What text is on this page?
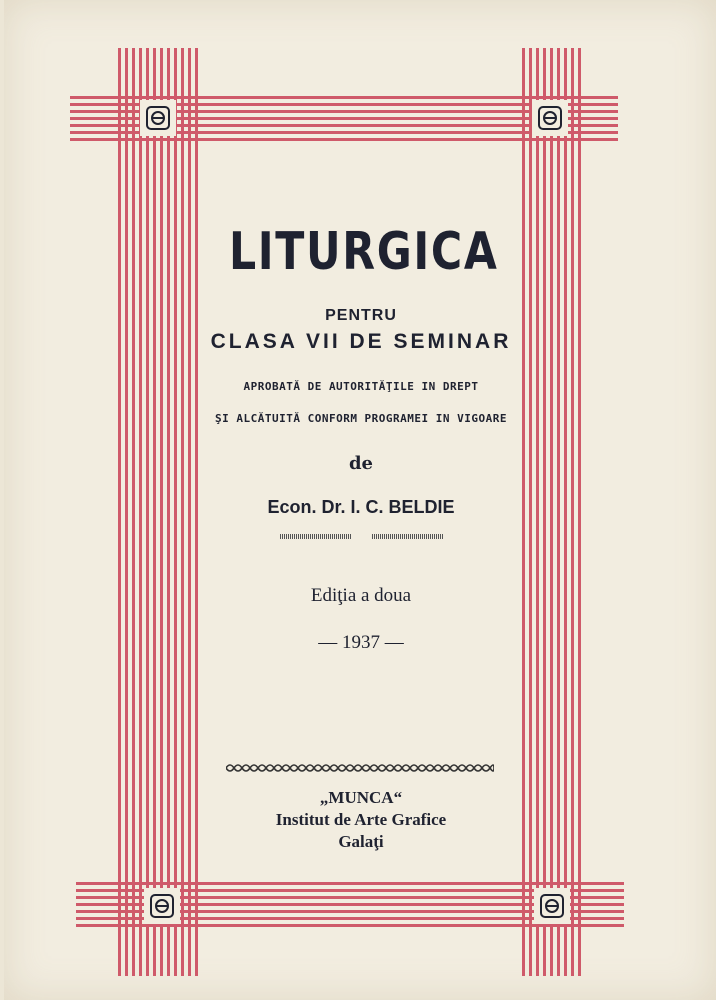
LITURGICA
PENTRU
CLASA VII DE SEMINAR
APROBATĂ DE AUTORITĂŢILE IN DREPT
ŞI ALCĂTUITĂ CONFORM PROGRAMEI IN VIGOARE
de
Econ. Dr. I. C. BELDIE
Ediţia a doua
— 1937 —
„MUNCA“
Institut de Arte Grafice
Galaţi
